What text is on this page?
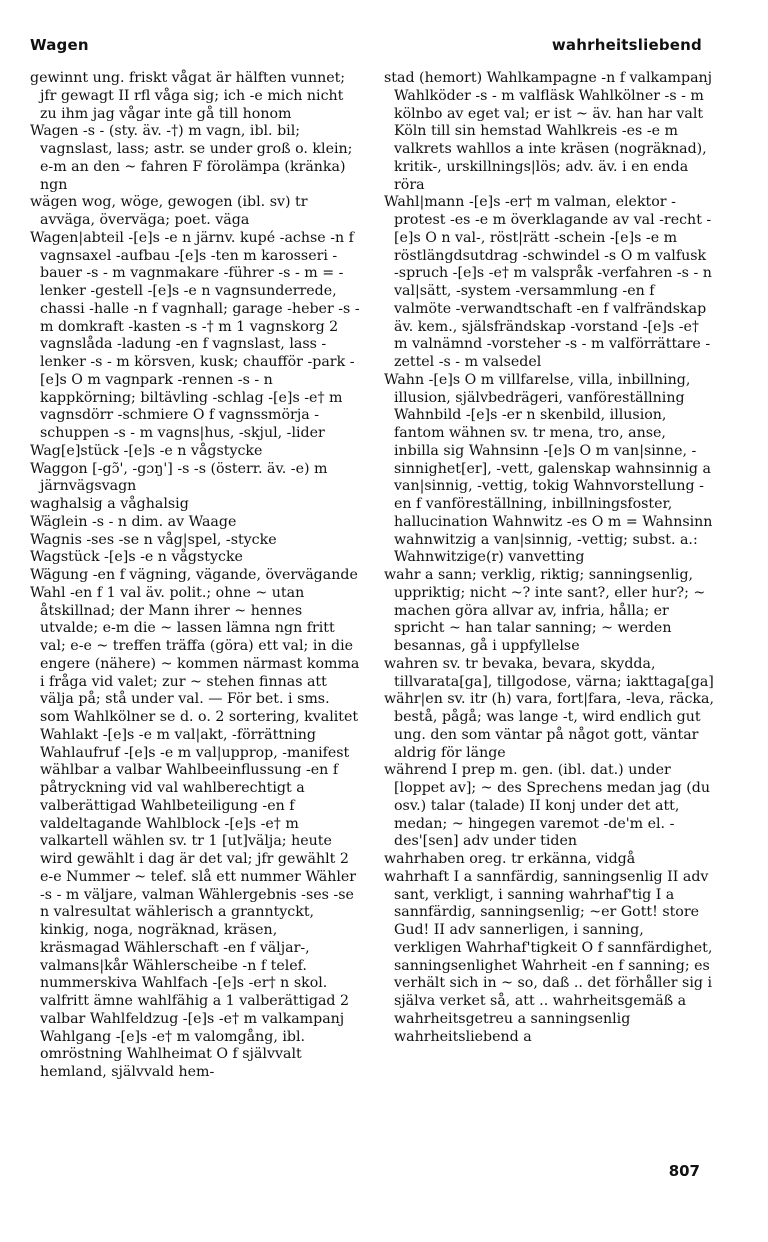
Wagen	wahrheitsliebend

gewinnt ung. friskt vågat är hälften vunnet; jfr gewagt II rfl våga sig; ich -e mich nicht zu ihm jag vågar inte gå till honom

Wagen -s - (sty. äv. -†) m vagn, ibl. bil; vagnslast, lass; astr. se under groß o. klein; e-m an den ~ fahren F förolämpa (kränka) ngn

wägen wog, wöge, gewogen (ibl. sv) tr avväga, överväga; poet. väga

Wagen|abteil -[e]s -e n järnv. kupé -achse -n f vagnsaxel -aufbau -[e]s -ten m karosseri -bauer -s - m vagnmakare -führer -s - m = -lenker -gestell -[e]s -e n vagnsunderrede, chassi -halle -n f vagnhall; garage -heber -s - m domkraft -kasten -s -† m 1 vagnskorg 2 vagnslåda -ladung -en f vagnslast, lass -lenker -s - m körsven, kusk; chaufför -park -[e]s O m vagnpark -rennen -s - n kappkörning; biltävling -schlag -[e]s -e† m vagnsdörr -schmiere O f vagnssmörja -schuppen -s - m vagns|hus, -skjul, -lider

Wag[e]stück -[e]s -e n vågstycke

Waggon [-gɔ̃', -gɔŋ'] -s -s (österr. äv. -e) m järnvägsvagn

waghalsig a våghalsig

Wäglein -s - n dim. av Waage

Wagnis -ses -se n våg|spel, -stycke

Wagstück -[e]s -e n vågstycke

Wägung -en f vägning, vägande, övervägande

Wahl -en f 1 val äv. polit.; ohne ~ utan åtskillnad; der Mann ihrer ~ hennes utvalde; e-m die ~ lassen lämna ngn fritt val; e-e ~ treffen träffa (göra) ett val; in die engere (nähere) ~ kommen närmast komma i fråga vid valet; zur ~ stehen finnas att välja på; stå under val. — För bet. i sms. som Wahlkölner se d. o. 2 sortering, kvalitet Wahlakt -[e]s -e m val|akt, -förrättning Wahlaufruf -[e]s -e m val|upprop, -manifest wählbar a valbar Wahlbeeinflussung -en f påtryckning vid val wahlberechtigt a valberättigad Wahlbeteiligung -en f valdeltagande Wahlblock -[e]s -e† m valkartell wählen sv. tr 1 [ut]välja; heute wird gewählt i dag är det val; jfr gewählt 2 e-e Nummer ~ telef. slå ett nummer Wähler -s - m väljare, valman Wählergebnis -ses -se n valresultat wählerisch a granntyckt, kinkig, noga, nogräknad, kräsen, kräsmagad Wählerschaft -en f väljar-, valmans|kår Wählerscheibe -n f telef. nummerskiva Wahlfach -[e]s -er† n skol. valfritt ämne wahlfähig a 1 valberättigad 2 valbar Wahlfeldzug -[e]s -e† m valkampanj Wahlgang -[e]s -e† m valomgång, ibl. omröstning Wahlheimat O f självvalt hemland, självvald hem-

stad (hemort) Wahlkampagne -n f valkampanj Wahlköder -s - m valfläsk Wahlkölner -s - m kölnbo av eget val; er ist ~ äv. han har valt Köln till sin hemstad Wahlkreis -es -e m valkrets wahllos a inte kräsen (nogräknad), kritik-, urskillnings|lös; adv. äv. i en enda röra

Wahl|mann -[e]s -er† m valman, elektor -protest -es -e m överklagande av val -recht -[e]s O n val-, röst|rätt -schein -[e]s -e m röstlängdsutdrag -schwindel -s O m valfusk -spruch -[e]s -e† m valspråk -verfahren -s - n val|sätt, -system -versammlung -en f valmöte -verwandtschaft -en f valfrändskap äv. kem., själsfrändskap -vorstand -[e]s -e† m valnämnd -vorsteher -s - m valförrättare -zettel -s - m valsedel

Wahn -[e]s O m villfarelse, villa, inbillning, illusion, självbedrägeri, vanföreställning Wahnbild -[e]s -er n skenbild, illusion, fantom wähnen sv. tr mena, tro, anse, inbilla sig Wahnsinn -[e]s O m van|sinne, -sinnighet[er], -vett, galenskap wahnsinnig a van|sinnig, -vettig, tokig Wahnvorstellung -en f vanföreställning, inbillningsfoster, hallucination Wahnwitz -es O m = Wahnsinn wahnwitzig a van|sinnig, -vettig; subst. a.: Wahnwitzige(r) vanvetting

wahr a sann; verklig, riktig; sanningsenlig, uppriktig; nicht ~? inte sant?, eller hur?; ~ machen göra allvar av, infria, hålla; er spricht ~ han talar sanning; ~ werden besannas, gå i uppfyllelse

wahren sv. tr bevaka, bevara, skydda, tillvarata[ga], tillgodose, värna; iakttaga[ga]

währ|en sv. itr (h) vara, fort|fara, -leva, räcka, bestå, pågå; was lange -t, wird endlich gut ung. den som väntar på något gott, väntar aldrig för länge

während I prep m. gen. (ibl. dat.) under [loppet av]; ~ des Sprechens medan jag (du osv.) talar (talade) II konj under det att, medan; ~ hingegen varemot -de'm el. -des'[sen] adv under tiden

wahrhaben oreg. tr erkänna, vidgå

wahrhaft I a sannfärdig, sanningsenlig II adv sant, verkligt, i sanning wahrhaf'tig I a sannfärdig, sanningsenlig; ~er Gott! store Gud! II adv sannerligen, i sanning, verkligen Wahrhaf'tigkeit O f sannfärdighet, sanningsenlighet Wahrheit -en f sanning; es verhält sich in ~ so, daß .. det förhåller sig i själva verket så, att .. wahrheitsgemäß a wahrheitsgetreu a sanningsenlig wahrheitsliebend a

807
